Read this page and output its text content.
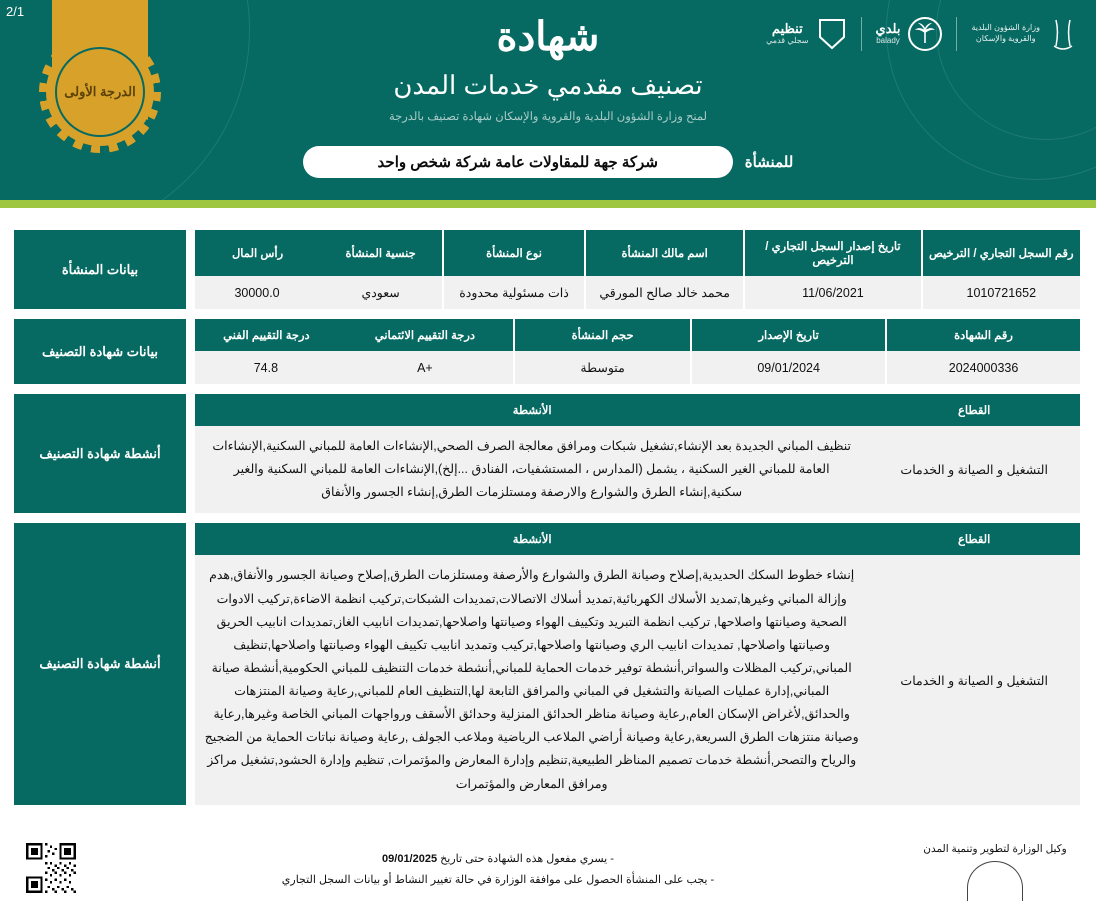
2/1
الدرجة الأولى
شهادة
تصنيف مقدمي خدمات المدن
لمنح وزارة الشؤون البلدية والقروية والإسكان شهادة تصنيف بالدرجة
للمنشأة
شركة جهة للمقاولات عامة شركة شخص واحد
تنظيم
سجلي قدمي
بلدي
balady
وزارة الشؤون البلدية
والقروية والإسكان
رقم السجل التجاري / الترخيص	تاريخ إصدار السجل التجاري / الترخيص	اسم مالك المنشأة	نوع المنشأة	جنسية المنشأة	رأس المال
1010721652	11/06/2021	محمد خالد صالح المورقي	ذات مسئولية محدودة	سعودي	30000.0
بيانات المنشأة
رقم الشهادة	تاريخ الإصدار	حجم المنشأة	درجة التقييم الائتماني	درجة التقييم الفني
2024000336	09/01/2024	متوسطة	A+	74.8
بيانات شهادة التصنيف
القطاع	الأنشطة
التشغيل و الصيانة و الخدمات	تنظيف المباني الجديدة بعد الإنشاء,تشغيل شبكات ومرافق معالجة الصرف الصحي,الإنشاءات العامة للمباني السكنية,الإنشاءات العامة للمباني الغير السكنية ، يشمل (المدارس ، المستشفيات، الفنادق ...إلخ),الإنشاءات العامة للمباني السكنية والغير سكنية,إنشاء الطرق والشوارع والارصفة ومستلزمات الطرق,إنشاء الجسور والأنفاق
أنشطة شهادة التصنيف
القطاع	الأنشطة
التشغيل و الصيانة و الخدمات	إنشاء خطوط السكك الحديدية,إصلاح وصيانة الطرق والشوارع والأرصفة ومستلزمات الطرق,إصلاح وصيانة الجسور والأنفاق,هدم وإزالة المباني وغيرها,تمديد الأسلاك الكهربائية,تمديد أسلاك الاتصالات,تمديدات الشبكات,تركيب انظمة الاضاءة,تركيب الادوات الصحية وصيانتها واصلاحها, تركيب انظمة التبريد وتكييف الهواء وصيانتها واصلاحها,تمديدات انابيب الغاز,تمديدات انابيب الحريق وصيانتها واصلاحها, تمديدات انابيب الري وصيانتها واصلاحها,تركيب وتمديد انابيب تكييف الهواء وصيانتها واصلاحها,تنظيف المباني,تركيب المظلات والسواتر,أنشطة توفير خدمات الحماية للمباني,أنشطة خدمات التنظيف للمباني الحكومية,أنشطة صيانة المباني,إدارة عمليات الصيانة والتشغيل في المباني والمرافق التابعة لها,التنظيف العام للمباني,رعاية وصيانة المنتزهات والحدائق,لأغراض الإسكان العام,رعاية وصيانة مناظر الحدائق المنزلية وحدائق الأسقف ورواجهات المباني الخاصة وغيرها,رعاية وصيانة منتزهات الطرق السريعة,رعاية وصيانة أراضي الملاعب الرياضية وملاعب الجولف ,رعاية وصيانة نباتات الحماية من الضجيج والرياح والتصحر,أنشطة خدمات تصميم المناظر الطبيعية,تنظيم وإدارة المعارض والمؤتمرات, تنظيم وإدارة الحشود,تشغيل مراكز ومرافق المعارض والمؤتمرات
أنشطة شهادة التصنيف
وكيل الوزارة لتطوير وتنمية المدن
- يسري مفعول هذه الشهادة حتى تاريخ 09/01/2025
- يجب على المنشأة الحصول على موافقة الوزارة في حالة تغيير النشاط أو بيانات السجل التجاري
